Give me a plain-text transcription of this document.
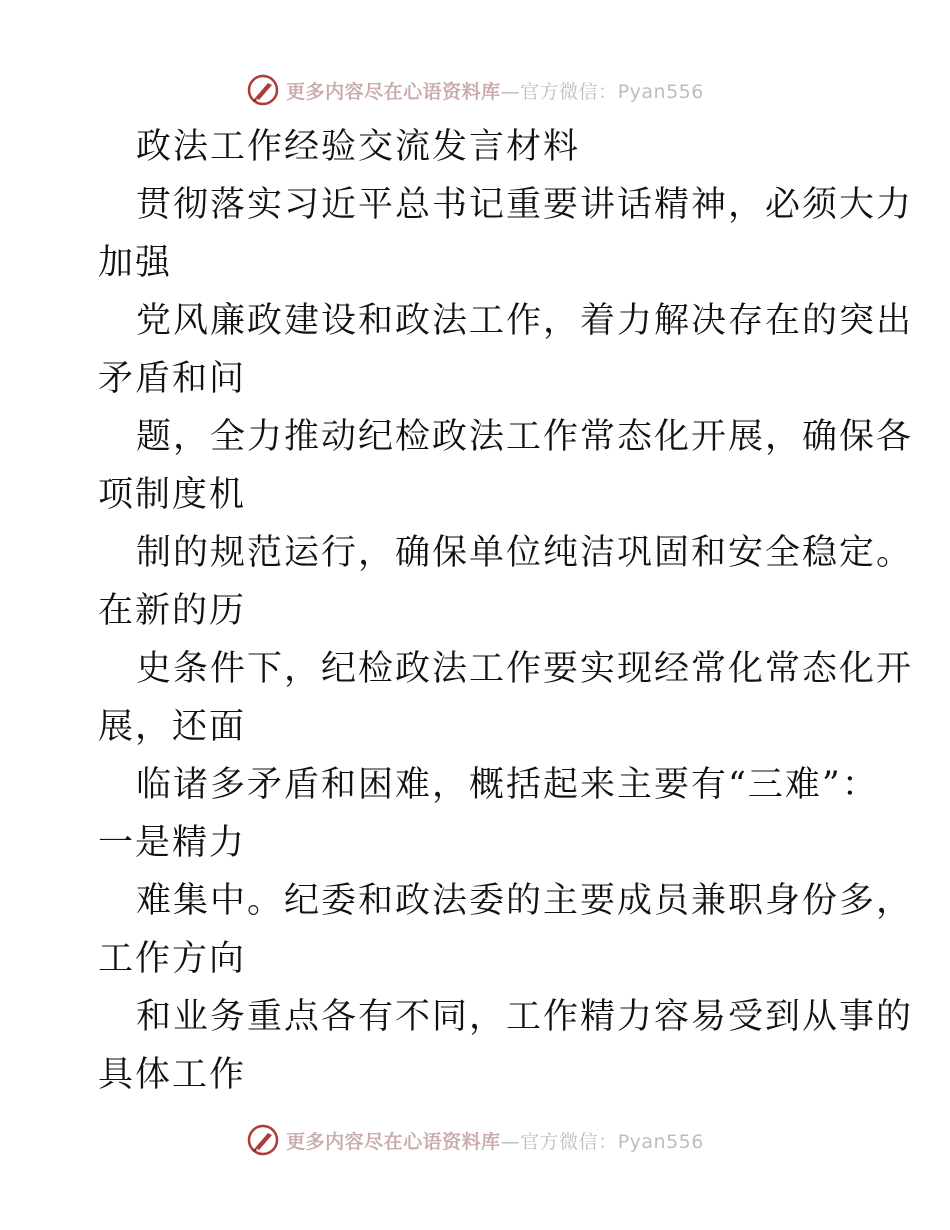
更多内容尽在心语资料库—官方微信：Pyan556
政法工作经验交流发言材料
贯彻落实习近平总书记重要讲话精神，必须大力
加强
党风廉政建设和政法工作，着力解决存在的突出
矛盾和问
题，全力推动纪检政法工作常态化开展，确保各
项制度机
制的规范运行，确保单位纯洁巩固和安全稳定。
在新的历
史条件下，纪检政法工作要实现经常化常态化开
展，还面
临诸多矛盾和困难，概括起来主要有“三难”：
一是精力
难集中。纪委和政法委的主要成员兼职身份多，
工作方向
和业务重点各有不同，工作精力容易受到从事的
具体工作
更多内容尽在心语资料库—官方微信：Pyan556
